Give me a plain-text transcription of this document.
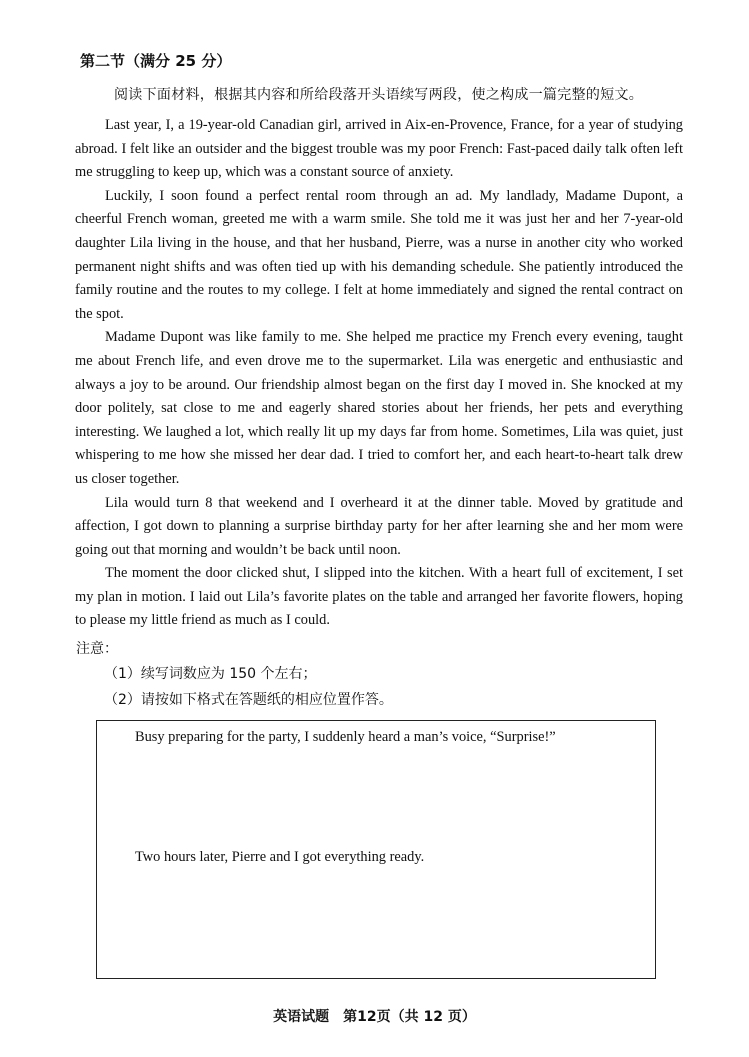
第二节（满分 25 分）
阅读下面材料，根据其内容和所给段落开头语续写两段，使之构成一篇完整的短文。

Last year, I, a 19-year-old Canadian girl, arrived in Aix-en-Provence, France, for a year of studying abroad. I felt like an outsider and the biggest trouble was my poor French: Fast-paced daily talk often left me struggling to keep up, which was a constant source of anxiety.

Luckily, I soon found a perfect rental room through an ad. My landlady, Madame Dupont, a cheerful French woman, greeted me with a warm smile. She told me it was just her and her 7-year-old daughter Lila living in the house, and that her husband, Pierre, was a nurse in another city who worked permanent night shifts and was often tied up with his demanding schedule. She patiently introduced the family routine and the routes to my college. I felt at home immediately and signed the rental contract on the spot.

Madame Dupont was like family to me. She helped me practice my French every evening, taught me about French life, and even drove me to the supermarket. Lila was energetic and enthusiastic and always a joy to be around. Our friendship almost began on the first day I moved in. She knocked at my door politely, sat close to me and eagerly shared stories about her friends, her pets and everything interesting. We laughed a lot, which really lit up my days far from home. Sometimes, Lila was quiet, just whispering to me how she missed her dear dad. I tried to comfort her, and each heart-to-heart talk drew us closer together.

Lila would turn 8 that weekend and I overheard it at the dinner table. Moved by gratitude and affection, I got down to planning a surprise birthday party for her after learning she and her mom were going out that morning and wouldn’t be back until noon.

The moment the door clicked shut, I slipped into the kitchen. With a heart full of excitement, I set my plan in motion. I laid out Lila’s favorite plates on the table and arranged her favorite flowers, hoping to please my little friend as much as I could.

注意：
（1）续写词数应为 150 个左右；
（2）请按如下格式在答题纸的相应位置作答。
Busy preparing for the party, I suddenly heard a man’s voice, “Surprise!”
Two hours later, Pierre and I got everything ready.
英语试题　第12页（共 12 页）
